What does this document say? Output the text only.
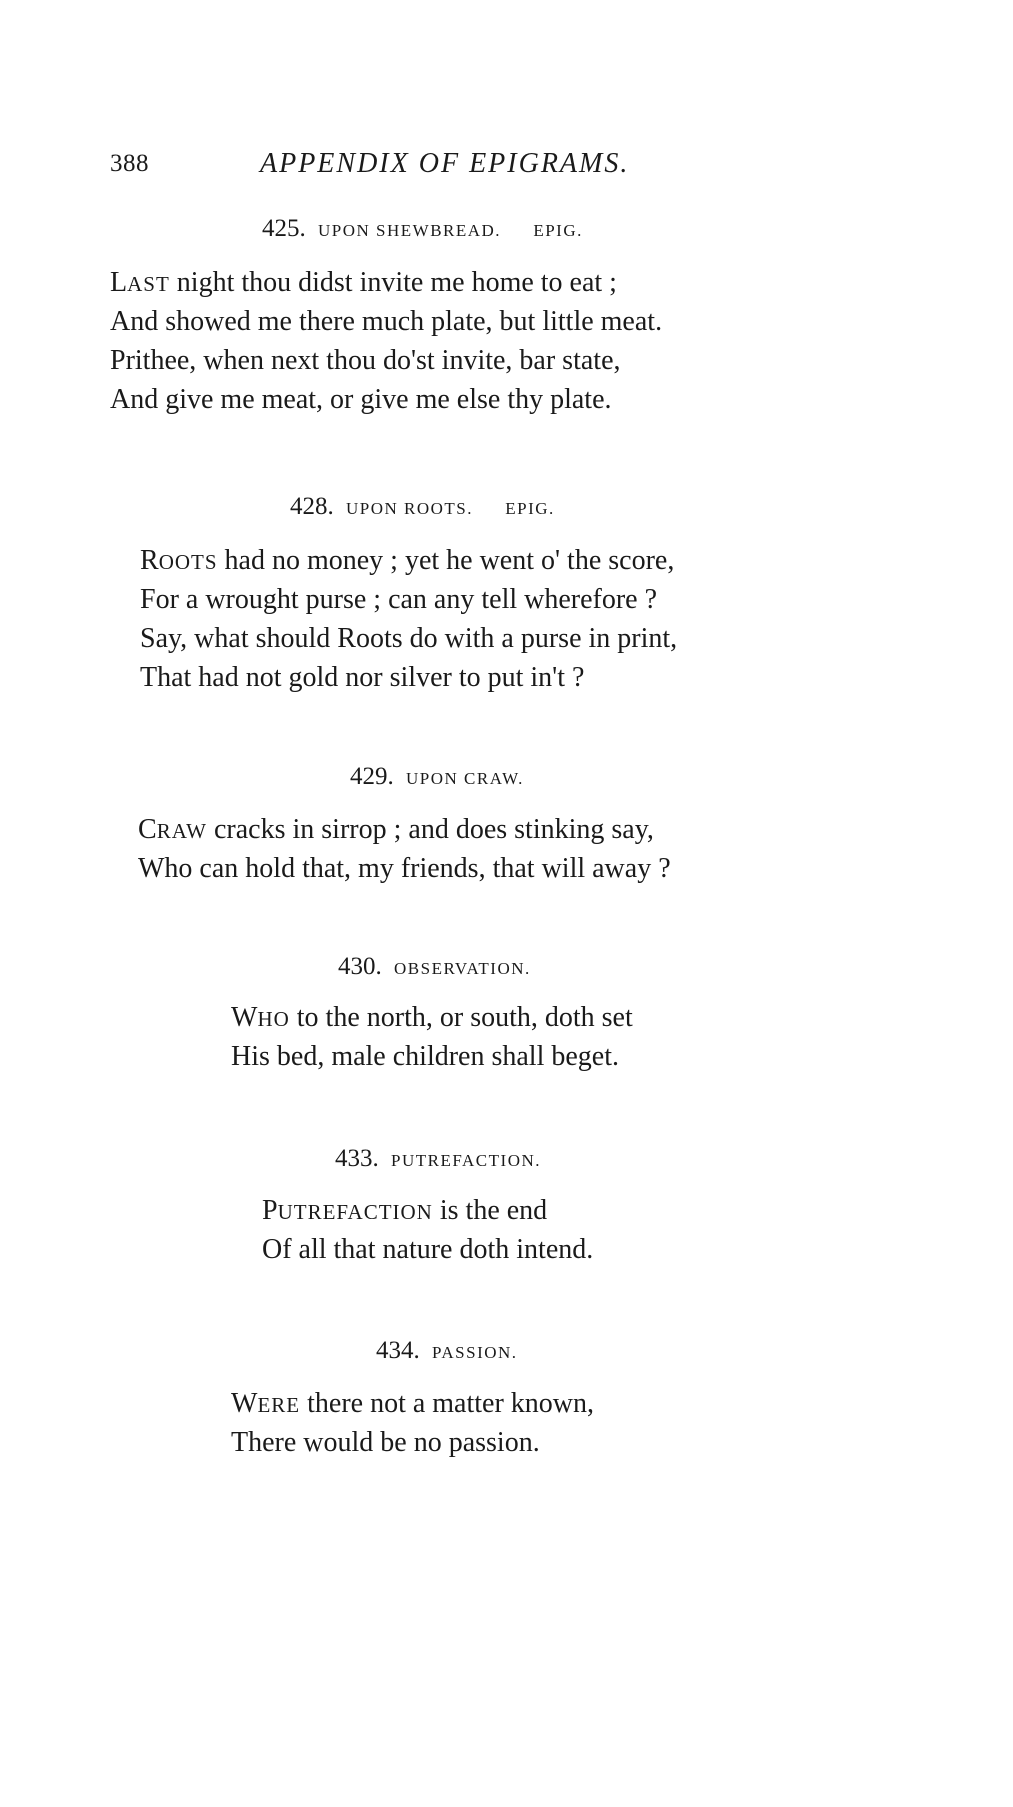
388	APPENDIX OF EPIGRAMS.
425. UPON SHEWBREAD. EPIG.
LAST night thou didst invite me home to eat ;
And showed me there much plate, but little meat.
Prithee, when next thou do'st invite, bar state,
And give me meat, or give me else thy plate.
428. UPON ROOTS. EPIG.
ROOTS had no money ; yet he went o' the score,
For a wrought purse ; can any tell wherefore ?
Say, what should Roots do with a purse in print,
That had not gold nor silver to put in't ?
429. UPON CRAW.
CRAW cracks in sirrop ; and does stinking say,
Who can hold that, my friends, that will away ?
430. OBSERVATION.
WHO to the north, or south, doth set
His bed, male children shall beget.
433. PUTREFACTION.
PUTREFACTION is the end
Of all that nature doth intend.
434. PASSION.
WERE there not a matter known,
There would be no passion.
